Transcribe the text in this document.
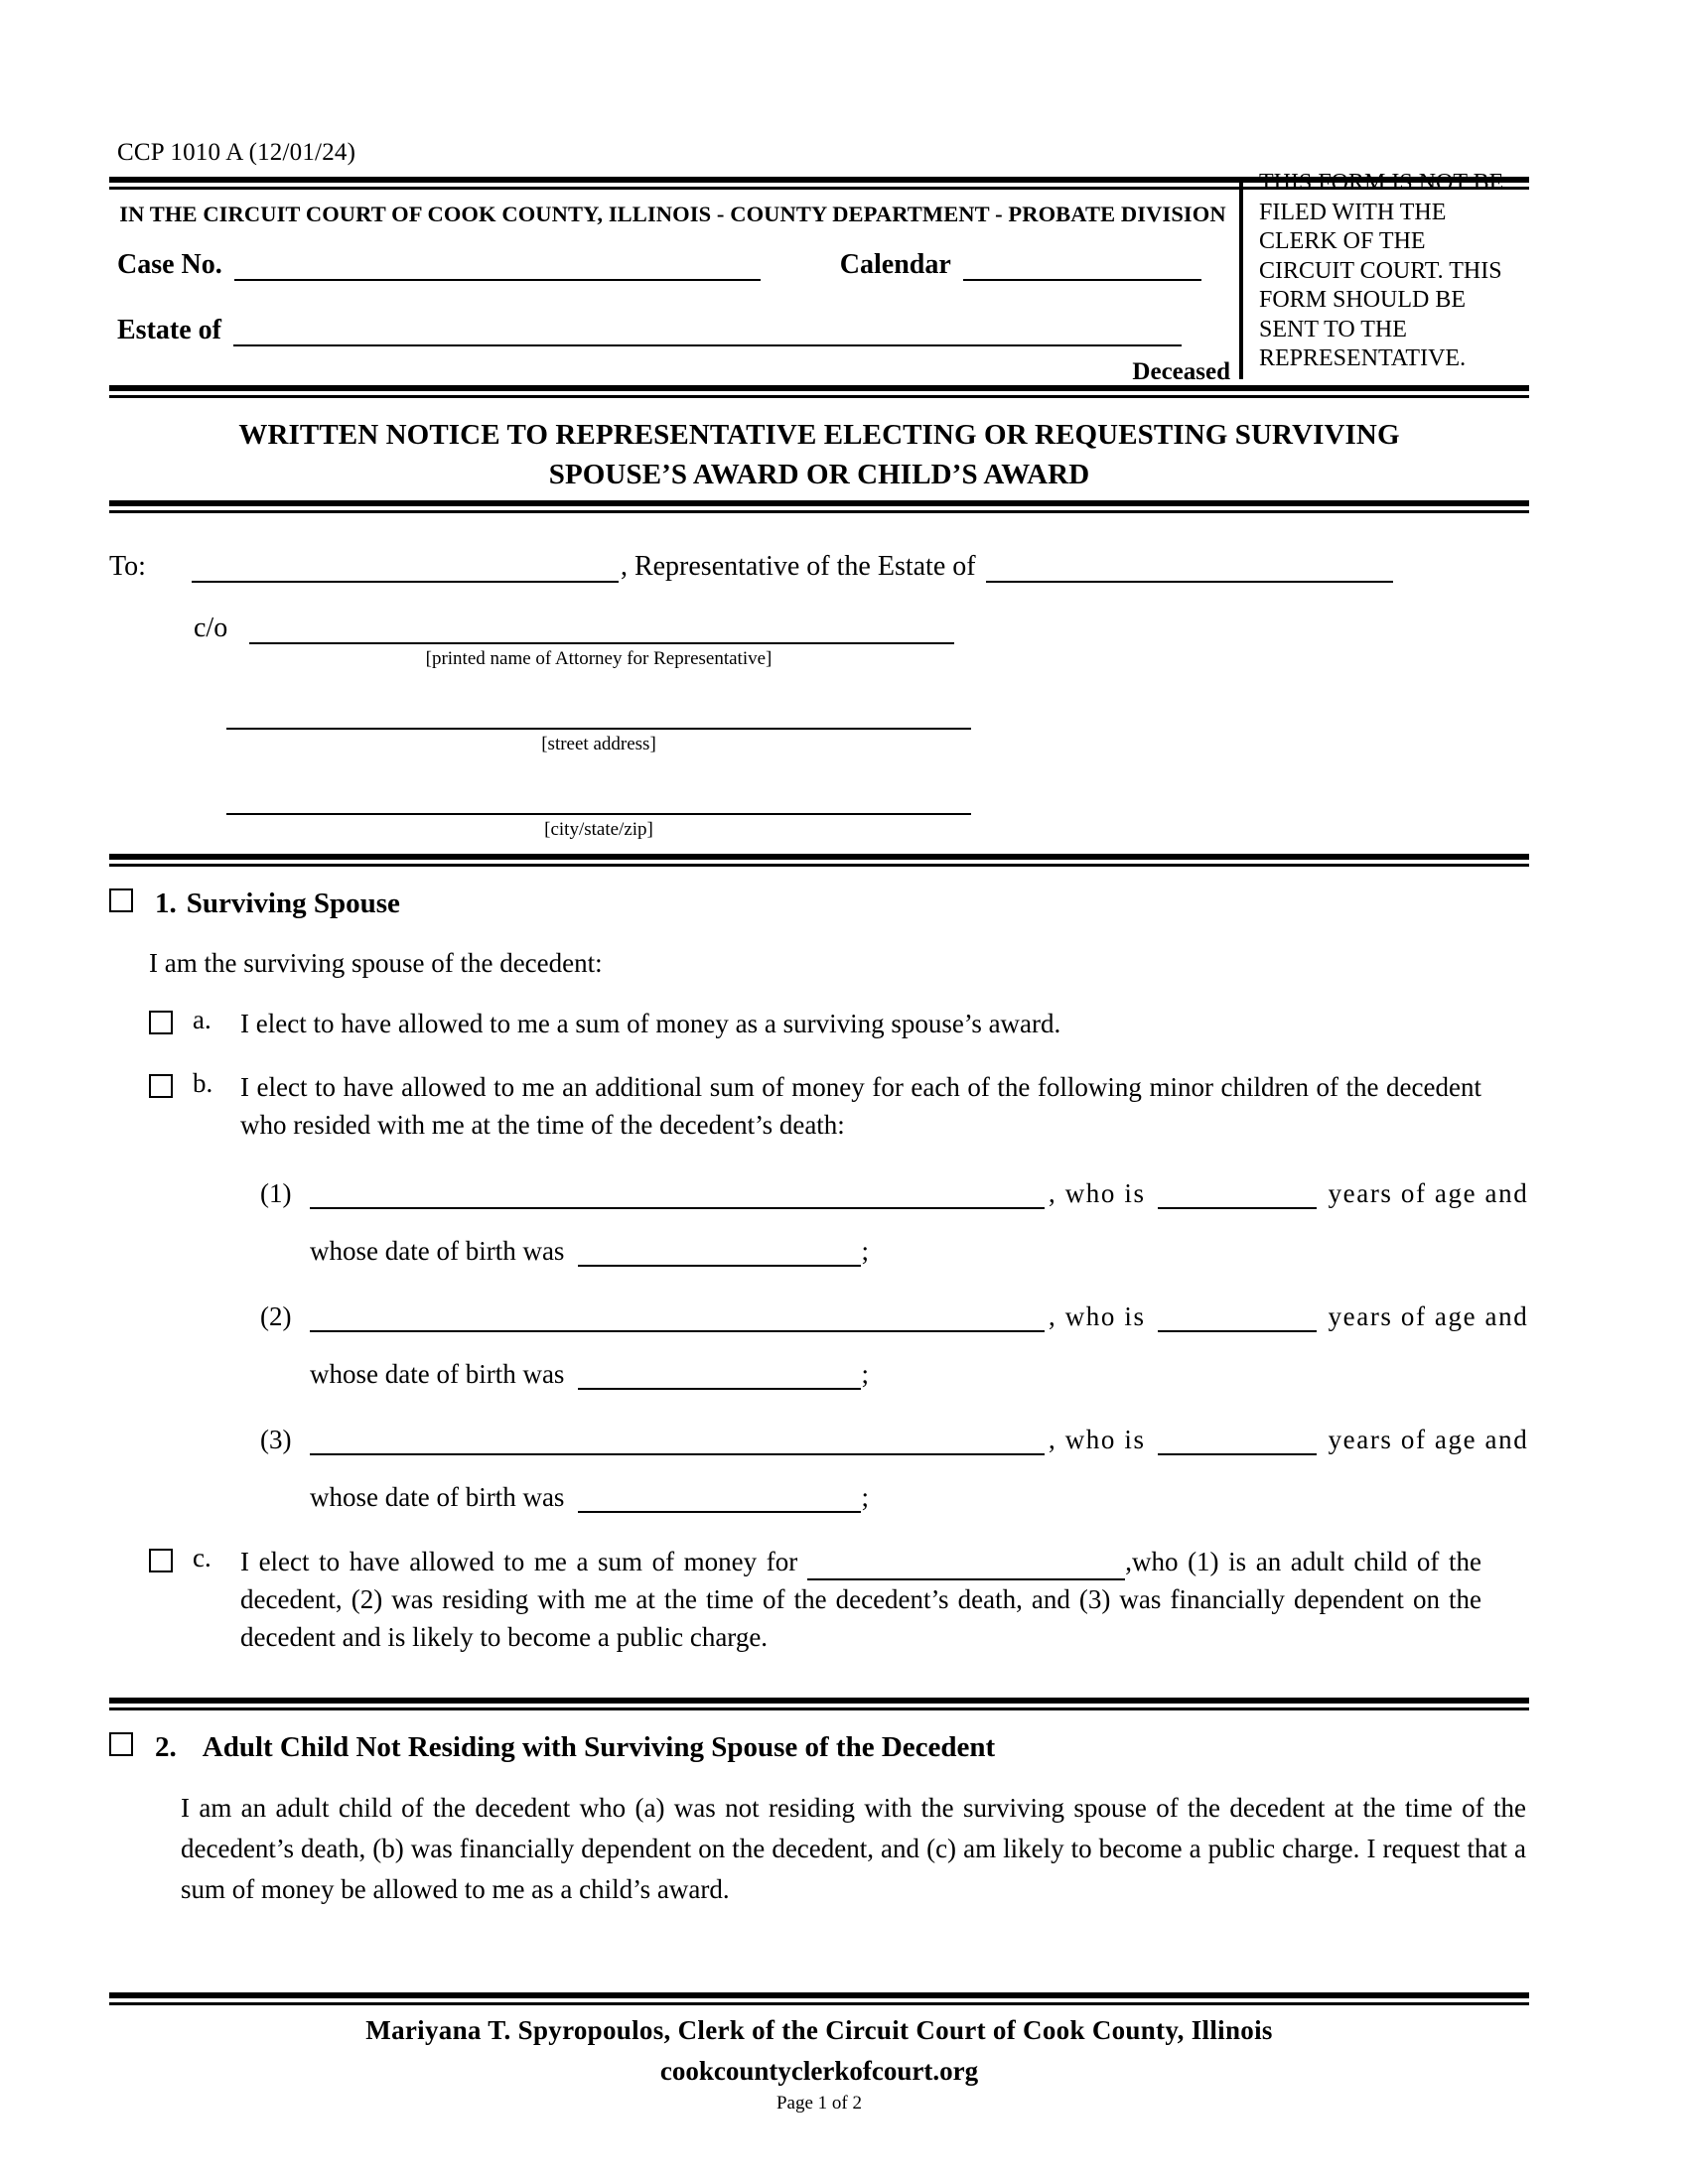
CCP 1010 A (12/01/24)
THIS FORM IS NOT BE FILED WITH THE CLERK OF THE CIRCUIT COURT. THIS FORM SHOULD BE SENT TO THE REPRESENTATIVE.
IN THE CIRCUIT COURT OF COOK COUNTY, ILLINOIS - COUNTY DEPARTMENT - PROBATE DIVISION
Case No.	Calendar
Estate of
Deceased
WRITTEN NOTICE TO REPRESENTATIVE ELECTING OR REQUESTING SURVIVING
SPOUSE’S AWARD OR CHILD’S AWARD
To:	, Representative of the Estate of
c/o
[printed name of Attorney for Representative]
[street address]
[city/state/zip]
1. Surviving Spouse
I am the surviving spouse of the decedent:
a.	I elect to have allowed to me a sum of money as a surviving spouse’s award.
b.	I elect to have allowed to me an additional sum of money for each of the following minor children of the decedent who resided with me at the time of the decedent’s death:
(1)	, who is	years of age and
whose date of birth was	;
(2)	, who is	years of age and
whose date of birth was	;
(3)	, who is	years of age and
whose date of birth was	;
c.	I elect to have allowed to me a sum of money for	,who (1) is an adult child of the decedent, (2) was residing with me at the time of the decedent’s death, and (3) was financially dependent on the decedent and is likely to become a public charge.
2. Adult Child Not Residing with Surviving Spouse of the Decedent
I am an adult child of the decedent who (a) was not residing with the surviving spouse of the decedent at the time of the decedent’s death, (b) was financially dependent on the decedent, and (c) am likely to become a public charge. I request that a sum of money be allowed to me as a child’s award.
Mariyana T. Spyropoulos, Clerk of the Circuit Court of Cook County, Illinois
cookcountyclerkofcourt.org
Page 1 of 2
